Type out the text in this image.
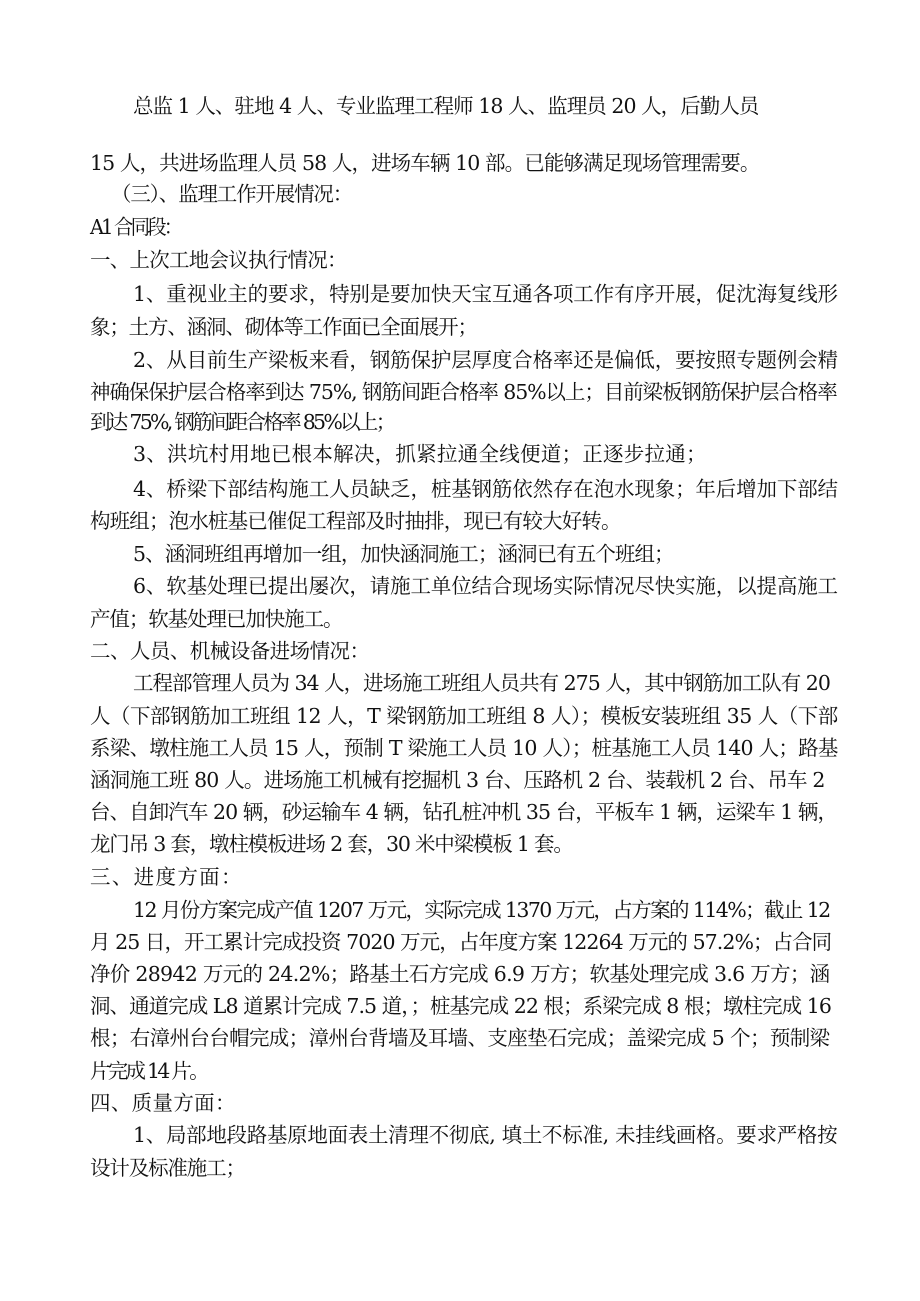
总监 1 人、驻地 4 人、专业监理工程师 18 人、监理员 20 人，后勤人员
15 人，共进场监理人员 58 人，进场车辆 10 部。已能够满足现场管理需要。
（三）、监理工作开展情况：
A1 合同段：
一、上次工地会议执行情况：
1、重视业主的要求，特别是要加快天宝互通各项工作有序开展，促沈海复线形
象；土方、涵洞、砌体等工作面已全面展开；
2、从目前生产梁板来看，钢筋保护层厚度合格率还是偏低，要按照专题例会精
神确保保护层合格率到达 75%, 钢筋间距合格率 85%以上；目前梁板钢筋保护层合格率
到达 75%, 钢筋间距合格率 85%以上；
3、洪坑村用地已根本解决，抓紧拉通全线便道；正逐步拉通；
4、桥梁下部结构施工人员缺乏，桩基钢筋依然存在泡水现象；年后增加下部结
构班组；泡水桩基已催促工程部及时抽排，现已有较大好转。
5、涵洞班组再增加一组，加快涵洞施工；涵洞已有五个班组；
6、软基处理已提出屡次，请施工单位结合现场实际情况尽快实施，以提高施工
产值；软基处理已加快施工。
二、人员、机械设备进场情况：
工程部管理人员为 34 人，进场施工班组人员共有 275 人，其中钢筋加工队有 20
人（下部钢筋加工班组 12 人，T 梁钢筋加工班组 8 人）；模板安装班组 35 人（下部
系梁、墩柱施工人员 15 人，预制 T 梁施工人员 10 人）；桩基施工人员 140 人；路基
涵洞施工班 80 人。进场施工机械有挖掘机 3 台、压路机 2 台、装载机 2 台、吊车 2
台、自卸汽车 20 辆，砂运输车 4 辆，钻孔桩冲机 35 台，平板车 1 辆，运梁车 1 辆，
龙门吊 3 套，墩柱模板进场 2 套，30 米中梁模板 1 套。
三、进度方面：
12 月份方案完成产值 1207 万元，实际完成 1370 万元，占方案的 114%；截止 12
月 25 日，开工累计完成投资 7020 万元，占年度方案 12264 万元的 57.2%；占合同
净价 28942 万元的 24.2%；路基土石方完成 6.9 万方；软基处理完成 3.6 万方；涵
洞、通道完成 L8 道累计完成 7.5 道，；桩基完成 22 根；系梁完成 8 根；墩柱完成 16
根；右漳州台台帽完成；漳州台背墙及耳墙、支座垫石完成；盖梁完成 5 个；预制梁
片完成 14 片。
四、质量方面：
1、局部地段路基原地面表土清理不彻底, 填土不标准, 未挂线画格。要求严格按
设计及标准施工；
